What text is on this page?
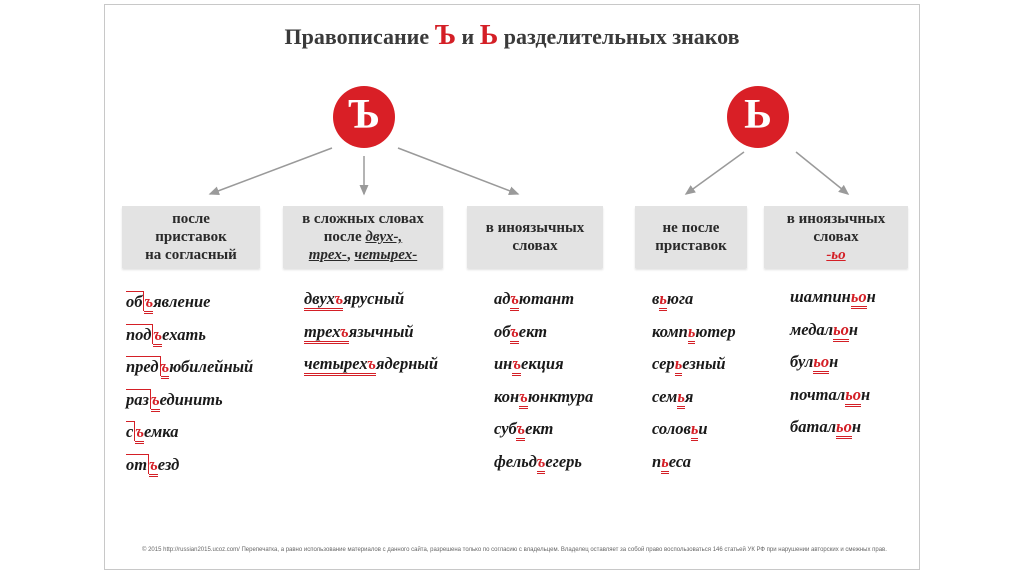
Правописание Ъ и Ь разделительных знаков
Ъ	Ь
после
приставок
на согласный
в сложных словах
после двух-,
трех-, четырех-
в иноязычных
словах
не после
приставок
в иноязычных
словах
-ьо
об ъявление
под ъехать
пред ъюбилейный
раз ъединить
с ъемка
от ъезд
двухъярусный
трехъязычный
четырехъядерный
адъютант
объект
инъекция
конъюнктура
субъект
фельдъегерь
вьюга
компьютер
серьезный
семья
соловьи
пьеса
шампиньон
медальон
бульон
почтальон
батальон
© 2015 http://russian2015.ucoz.com/ Перепечатка, а равно использование материалов с данного сайта, разрешена только по согласию с владельцем. Владелец оставляет за собой право воспользоваться 146 статьей УК РФ при нарушении авторских и смежных прав.
